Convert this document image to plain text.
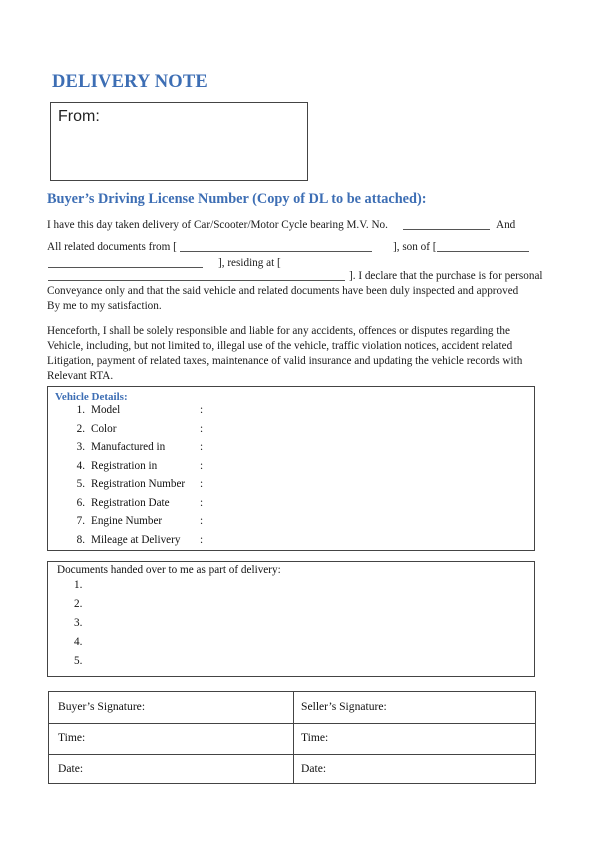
DELIVERY NOTE
From:
Buyer’s Driving License Number (Copy of DL to be attached):
I have this day taken delivery of Car/Scooter/Motor Cycle bearing M.V. No.	And
All related documents from [	], son of [
], residing at [
]. I declare that the purchase is for personal
Conveyance only and that the said vehicle and related documents have been duly inspected and approved
By me to my satisfaction.
Henceforth, I shall be solely responsible and liable for any accidents, offences or disputes regarding the
Vehicle, including, but not limited to, illegal use of the vehicle, traffic violation notices, accident related
Litigation, payment of related taxes, maintenance of valid insurance and updating the vehicle records with
Relevant RTA.
Vehicle Details:
1. Model	:
2. Color	:
3. Manufactured in	:
4. Registration in	:
5. Registration Number :
6. Registration Date	:
7. Engine Number	:
8. Mileage at Delivery :
Documents handed over to me as part of delivery:
1.
2.
3.
4.
5.
Buyer’s Signature:	Seller’s Signature:
Time:	Time:
Date:	Date:
